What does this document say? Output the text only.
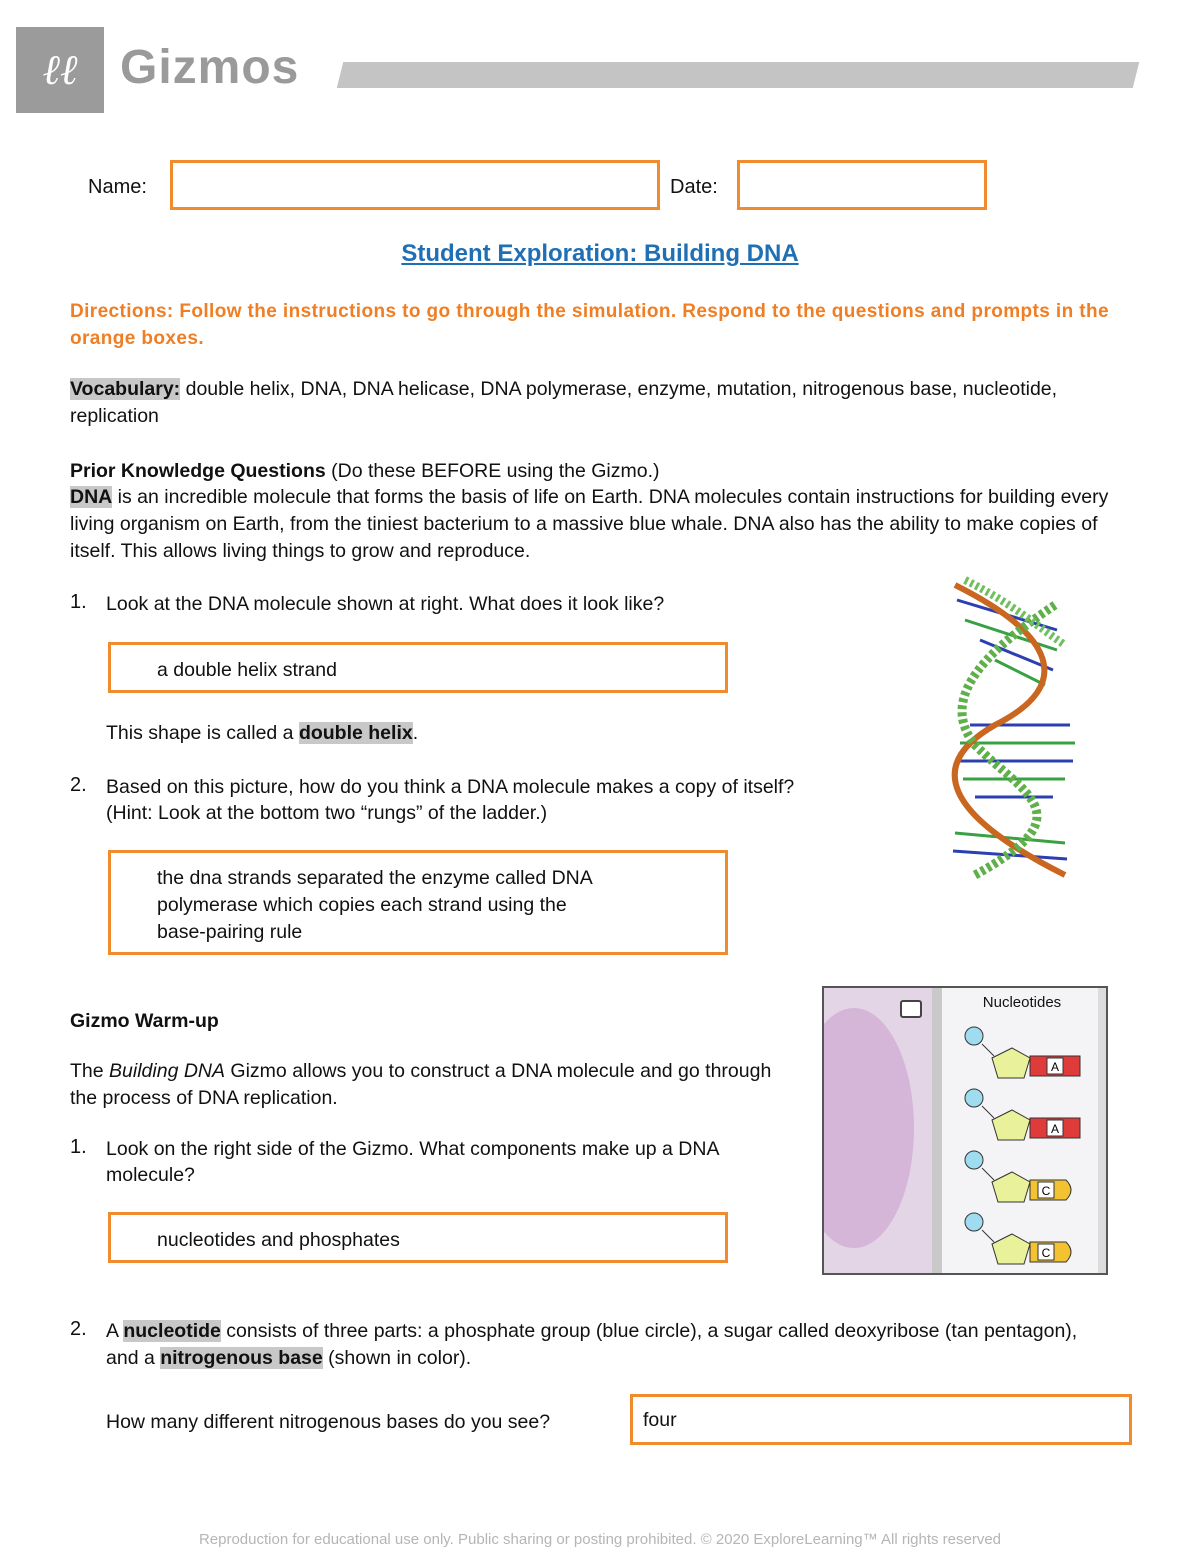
ℓℓ Gizmos
Name:	Date:
Student Exploration: Building DNA
Directions: Follow the instructions to go through the simulation. Respond to the questions and prompts in the orange boxes.
Vocabulary: double helix, DNA, DNA helicase, DNA polymerase, enzyme, mutation, nitrogenous base, nucleotide, replication
Prior Knowledge Questions (Do these BEFORE using the Gizmo.)
DNA is an incredible molecule that forms the basis of life on Earth. DNA molecules contain instructions for building every living organism on Earth, from the tiniest bacterium to a massive blue whale. DNA also has the ability to make copies of itself. This allows living things to grow and reproduce.
1. Look at the DNA molecule shown at right. What does it look like?
a double helix strand
This shape is called a double helix.
2. Based on this picture, how do you think a DNA molecule makes a copy of itself?
(Hint: Look at the bottom two “rungs” of the ladder.)
the dna strands separated the enzyme called DNA
polymerase which copies each strand using the
base-pairing rule
Gizmo Warm-up
The Building DNA Gizmo allows you to construct a DNA molecule and go through the process of DNA replication.
1. Look on the right side of the Gizmo. What components make up a DNA molecule?
nucleotides and phosphates
Nucleotides
A
A
C
C
2. A nucleotide consists of three parts: a phosphate group (blue circle), a sugar called deoxyribose (tan pentagon), and a nitrogenous base (shown in color).
How many different nitrogenous bases do you see?	four
Reproduction for educational use only. Public sharing or posting prohibited. © 2020 ExploreLearning™ All rights reserved
